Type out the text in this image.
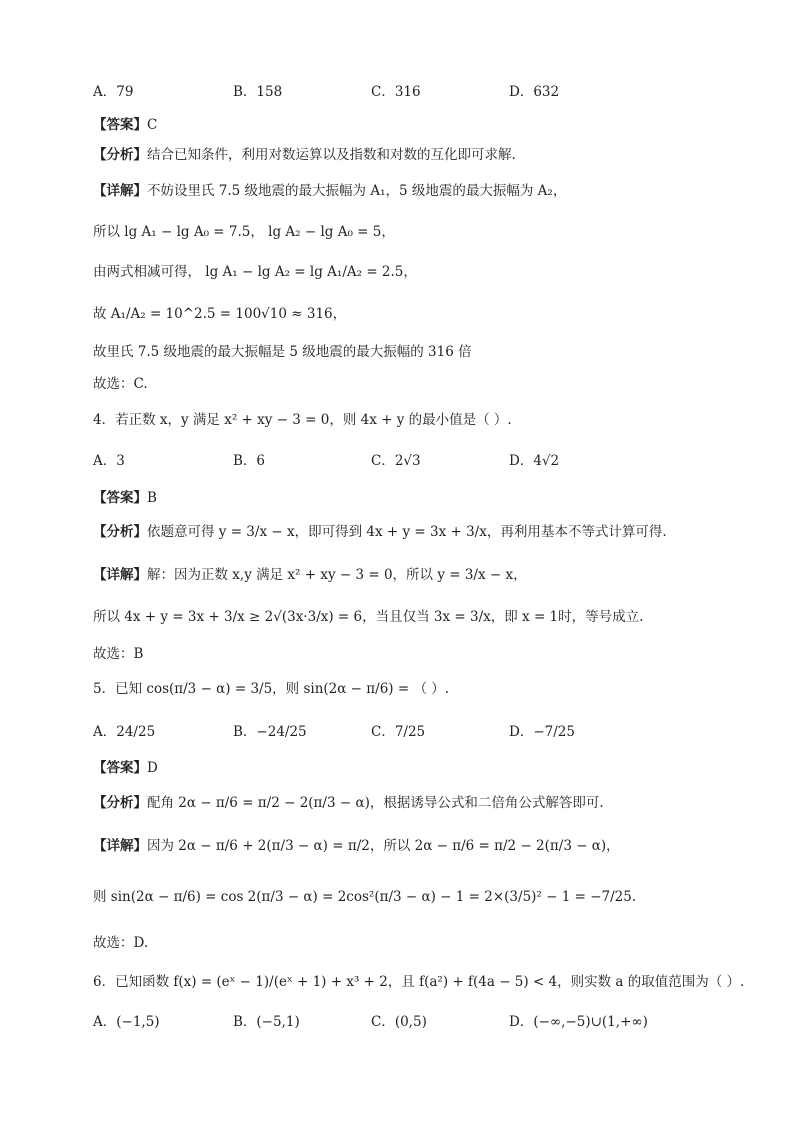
A．79	B．158	C．316	D．632
【答案】C
【分析】结合已知条件，利用对数运算以及指数和对数的互化即可求解.
【详解】不妨设里氏 7.5 级地震的最大振幅为 A₁，5 级地震的最大振幅为 A₂，
所以 lg A₁ − lg A₀ = 7.5， lg A₂ − lg A₀ = 5，
由两式相减可得， lg A₁ − lg A₂ = lg A₁/A₂ = 2.5，
故 A₁/A₂ = 10^2.5 = 100√10 ≈ 316，
故里氏 7.5 级地震的最大振幅是 5 级地震的最大振幅的 316 倍
故选：C.
4．若正数 x，y 满足 x² + xy − 3 = 0，则 4x + y 的最小值是（ ）.
A．3	B．6	C．2√3	D．4√2
【答案】B
【分析】依题意可得 y = 3/x − x，即可得到 4x + y = 3x + 3/x，再利用基本不等式计算可得.
【详解】解：因为正数 x,y 满足 x² + xy − 3 = 0，所以 y = 3/x − x，
所以 4x + y = 3x + 3/x ≥ 2√(3x·3/x) = 6，当且仅当 3x = 3/x，即 x = 1时，等号成立.
故选：B
5．已知 cos(π/3 − α) = 3/5，则 sin(2α − π/6) = （ ）.
A．24/25	B．−24/25	C．7/25	D．−7/25
【答案】D
【分析】配角 2α − π/6 = π/2 − 2(π/3 − α)，根据诱导公式和二倍角公式解答即可.
【详解】因为 2α − π/6 + 2(π/3 − α) = π/2，所以 2α − π/6 = π/2 − 2(π/3 − α)，
则 sin(2α − π/6) = cos 2(π/3 − α) = 2cos²(π/3 − α) − 1 = 2×(3/5)² − 1 = −7/25.
故选：D.
6．已知函数 f(x) = (eˣ − 1)/(eˣ + 1) + x³ + 2，且 f(a²) + f(4a − 5) < 4，则实数 a 的取值范围为（ ）.
A．(−1,5)	B．(−5,1)	C．(0,5)	D．(−∞,−5)∪(1,+∞)
